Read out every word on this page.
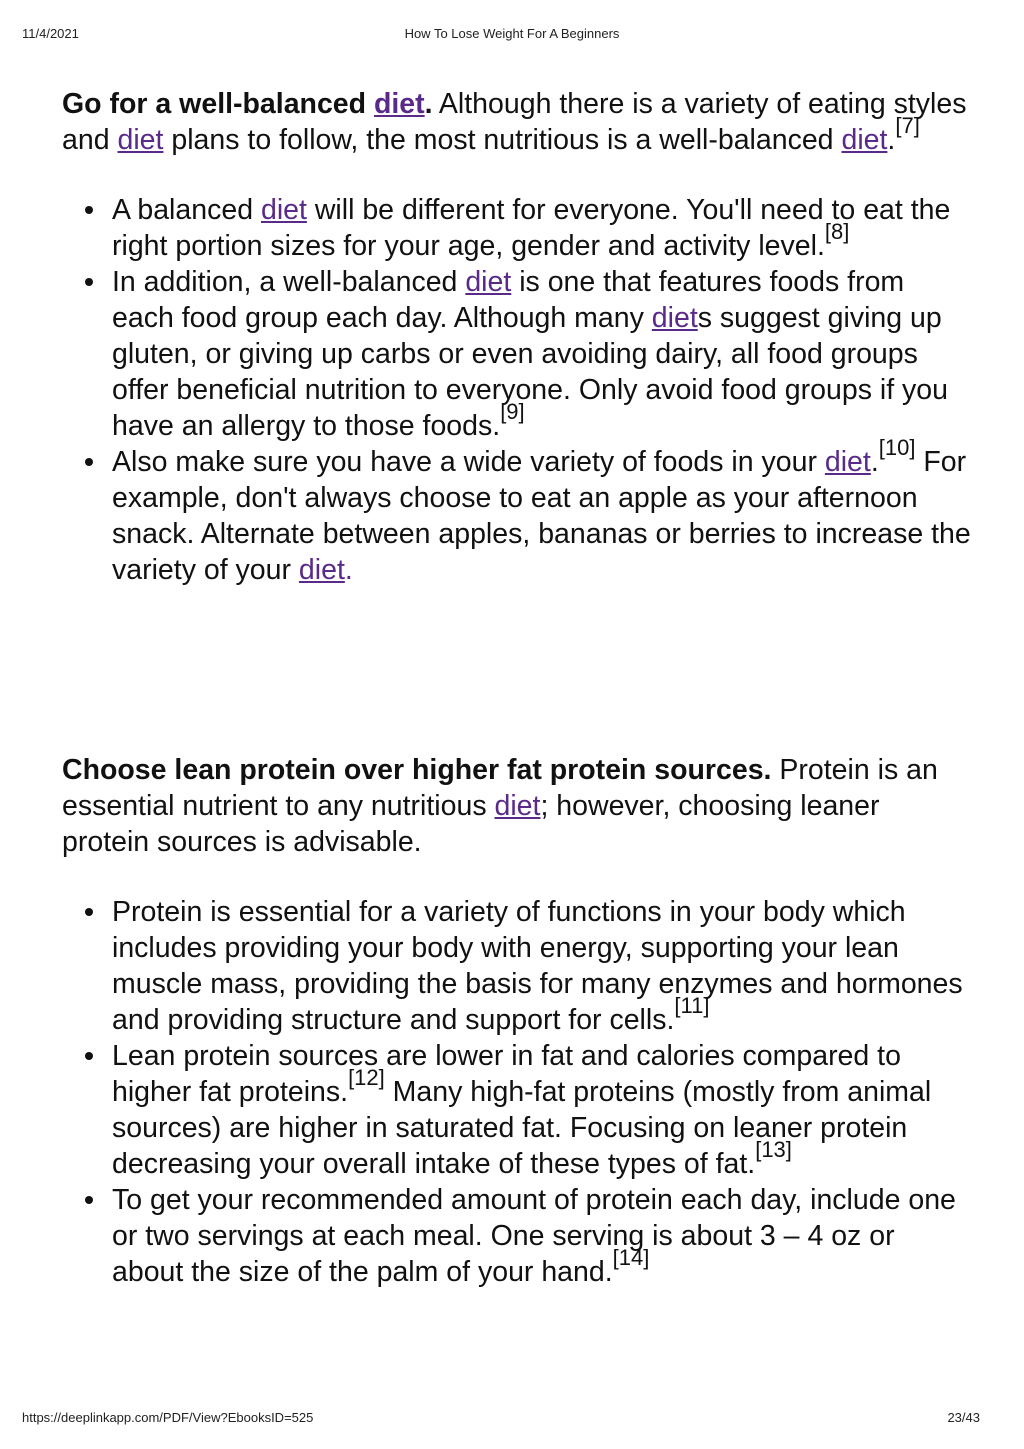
11/4/2021	How To Lose Weight For A Beginners

Go for a well-balanced diet. Although there is a variety of eating styles and diet plans to follow, the most nutritious is a well-balanced diet.[7]

A balanced diet will be different for everyone. You'll need to eat the right portion sizes for your age, gender and activity level.[8]
In addition, a well-balanced diet is one that features foods from each food group each day. Although many diets suggest giving up gluten, or giving up carbs or even avoiding dairy, all food groups offer beneficial nutrition to everyone. Only avoid food groups if you have an allergy to those foods.[9]
Also make sure you have a wide variety of foods in your diet.[10] For example, don't always choose to eat an apple as your afternoon snack. Alternate between apples, bananas or berries to increase the variety of your diet.

Choose lean protein over higher fat protein sources. Protein is an essential nutrient to any nutritious diet; however, choosing leaner protein sources is advisable.

Protein is essential for a variety of functions in your body which includes providing your body with energy, supporting your lean muscle mass, providing the basis for many enzymes and hormones and providing structure and support for cells.[11]
Lean protein sources are lower in fat and calories compared to higher fat proteins.[12] Many high-fat proteins (mostly from animal sources) are higher in saturated fat. Focusing on leaner protein decreasing your overall intake of these types of fat.[13]
To get your recommended amount of protein each day, include one or two servings at each meal. One serving is about 3 – 4 oz or about the size of the palm of your hand.[14]
https://deeplinkapp.com/PDF/View?EbooksID=525	23/43
